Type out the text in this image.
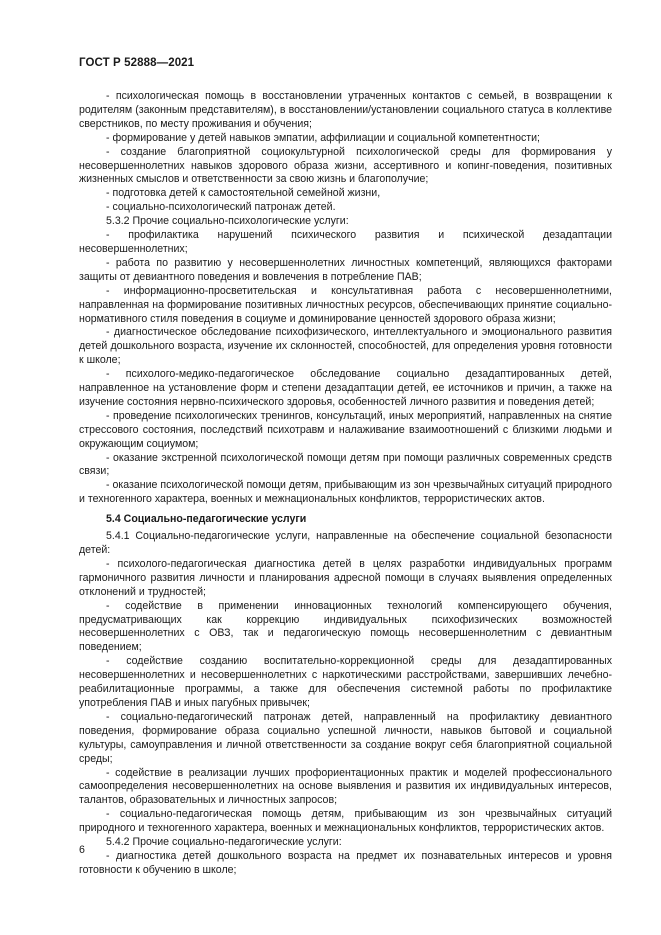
ГОСТ Р 52888—2021

- психологическая помощь в восстановлении утраченных контактов с семьей, в возвращении к родителям (законным представителям), в восстановлении/установлении социального статуса в коллективе сверстников, по месту проживания и обучения;

- формирование у детей навыков эмпатии, аффилиации и социальной компетентности;

- создание благоприятной социокультурной психологической среды для формирования у несовершеннолетних навыков здорового образа жизни, ассертивного и копинг-поведения, позитивных жизненных смыслов и ответственности за свою жизнь и благополучие;

- подготовка детей к самостоятельной семейной жизни,

- социально-психологический патронаж детей.

5.3.2 Прочие социально-психологические услуги:

- профилактика нарушений психического развития и психической дезадаптации несовершеннолетних;

- работа по развитию у несовершеннолетних личностных компетенций, являющихся факторами защиты от девиантного поведения и вовлечения в потребление ПАВ;

- информационно-просветительская и консультативная работа с несовершеннолетними, направленная на формирование позитивных личностных ресурсов, обеспечивающих принятие социально-нормативного стиля поведения в социуме и доминирование ценностей здорового образа жизни;

- диагностическое обследование психофизического, интеллектуального и эмоционального развития детей дошкольного возраста, изучение их склонностей, способностей, для определения уровня готовности к школе;

- психолого-медико-педагогическое обследование социально дезадаптированных детей, направленное на установление форм и степени дезадаптации детей, ее источников и причин, а также на изучение состояния нервно-психического здоровья, особенностей личного развития и поведения детей;

- проведение психологических тренингов, консультаций, иных мероприятий, направленных на снятие стрессового состояния, последствий психотравм и налаживание взаимоотношений с близкими людьми и окружающим социумом;

- оказание экстренной психологической помощи детям при помощи различных современных средств связи;

- оказание психологической помощи детям, прибывающим из зон чрезвычайных ситуаций природного и техногенного характера, военных и межнациональных конфликтов, террористических актов.

5.4 Социально-педагогические услуги

5.4.1 Социально-педагогические услуги, направленные на обеспечение социальной безопасности детей:

- психолого-педагогическая диагностика детей в целях разработки индивидуальных программ гармоничного развития личности и планирования адресной помощи в случаях выявления определенных отклонений и трудностей;

- содействие в применении инновационных технологий компенсирующего обучения, предусматривающих как коррекцию индивидуальных психофизических возможностей несовершеннолетних с ОВЗ, так и педагогическую помощь несовершеннолетним с девиантным поведением;

- содействие созданию воспитательно-коррекционной среды для дезадаптированных несовершеннолетних и несовершеннолетних с наркотическими расстройствами, завершивших лечебно-реабилитационные программы, а также для обеспечения системной работы по профилактике употребления ПАВ и иных пагубных привычек;

- социально-педагогический патронаж детей, направленный на профилактику девиантного поведения, формирование образа социально успешной личности, навыков бытовой и социальной культуры, самоуправления и личной ответственности за создание вокруг себя благоприятной социальной среды;

- содействие в реализации лучших профориентационных практик и моделей профессионального самоопределения несовершеннолетних на основе выявления и развития их индивидуальных интересов, талантов, образовательных и личностных запросов;

- социально-педагогическая помощь детям, прибывающим из зон чрезвычайных ситуаций природного и техногенного характера, военных и межнациональных конфликтов, террористических актов.

5.4.2 Прочие социально-педагогические услуги:

- диагностика детей дошкольного возраста на предмет их познавательных интересов и уровня готовности к обучению в школе;

6
